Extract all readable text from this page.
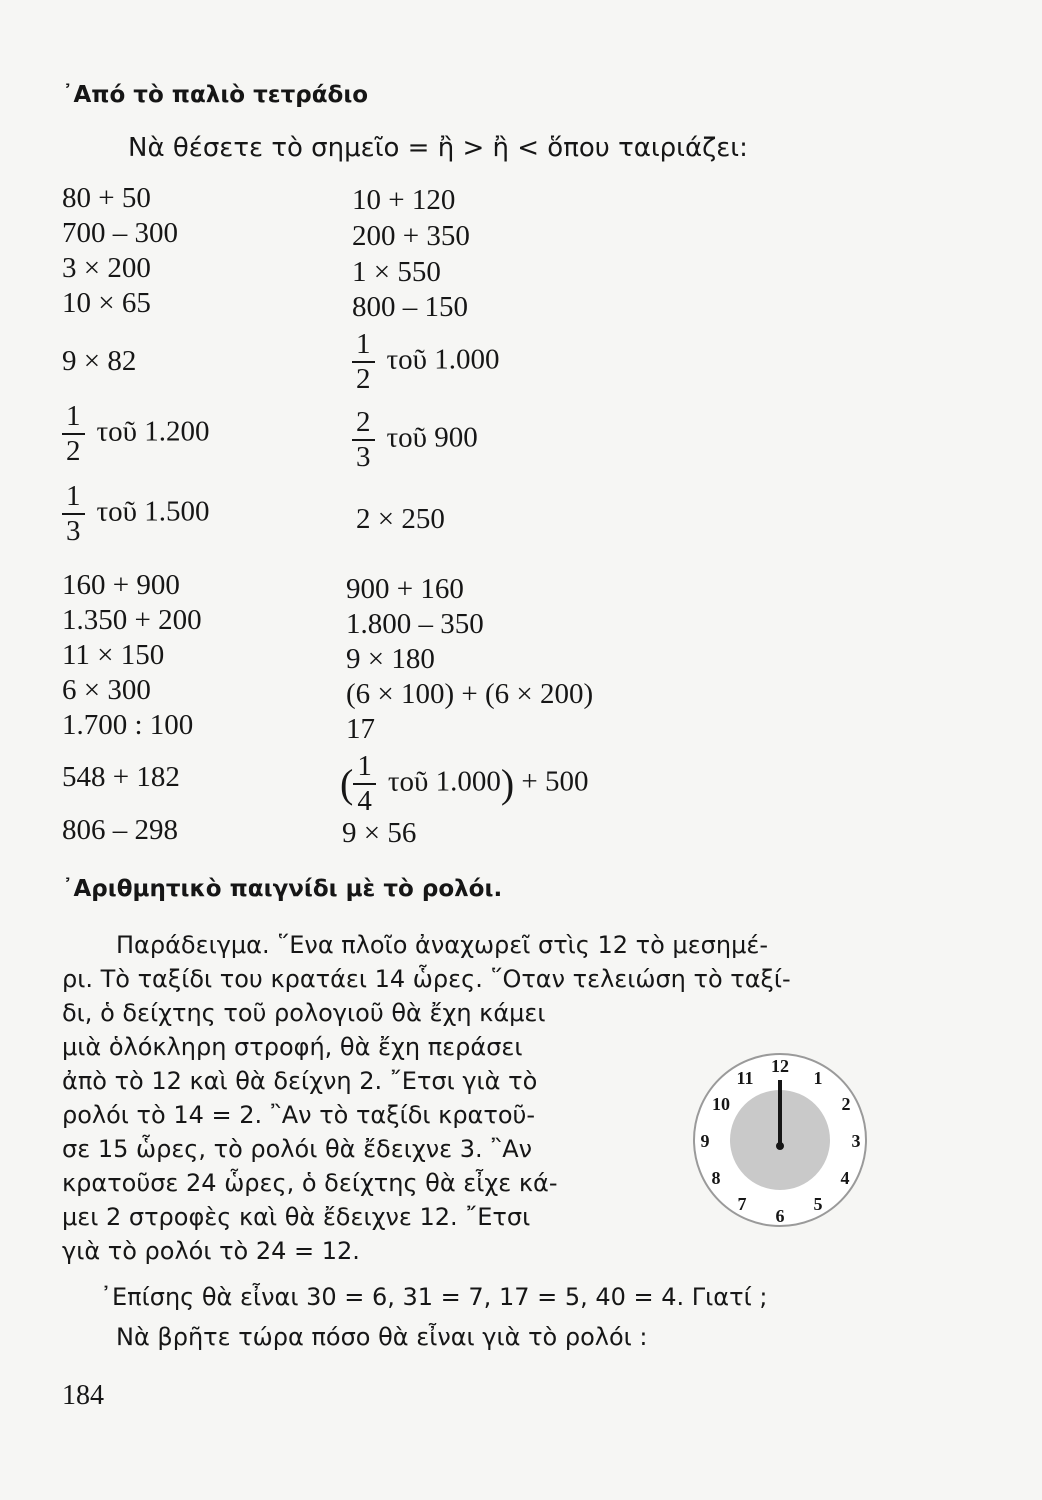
᾿Από τὸ παλιὸ τετράδιο
Νὰ θέσετε τὸ σημεῖο = ἢ > ἢ < ὅπου ταιριάζει:
80 + 50
700 – 300
3 × 200
10 × 65
9 × 82
$\frac{1}{2}$ τοῦ 1.200
$\frac{1}{3}$ τοῦ 1.500
160 + 900
1.350 + 200
11 × 150
6 × 300
1.700 : 100
548 + 182
806 – 298
10 + 120
200 + 350
1 × 550
800 – 150
$\frac{1}{2}$ τοῦ 1.000
$\frac{2}{3}$ τοῦ 900
2 × 250
900 + 160
1.800 – 350
9 × 180
(6 × 100) + (6 × 200)
17
( $\frac{1}{4}$ τοῦ 1.000) + 500
9 × 56
᾿Αριθμητικὸ παιγνίδι μὲ τὸ ρολόι.
Παράδειγμα. ῞Ενα πλοῖο ἀναχωρεῖ στὶς 12 τὸ μεσημέ-
ρι. Τὸ ταξίδι του κρατάει 14 ὧρες. ῞Οταν τελειώση τὸ ταξί-
δι, ὁ δείχτης τοῦ ρολογιοῦ θὰ ἔχη κάμει
μιὰ ὁλόκληρη στροφή, θὰ ἔχη περάσει
ἀπὸ τὸ 12 καὶ θὰ δείχνη 2. ῎Ετσι γιὰ τὸ
ρολόι τὸ 14 = 2. ῍Αν τὸ ταξίδι κρατοῦ-
σε 15 ὧρες, τὸ ρολόι θὰ ἔδειχνε 3. ῍Αν
κρατοῦσε 24 ὧρες, ὁ δείχτης θὰ εἶχε κά-
μει 2 στροφὲς καὶ θὰ ἔδειχνε 12. ῎Ετσι
γιὰ τὸ ρολόι τὸ 24 = 12.
᾿Επίσης θὰ εἶναι 30 = 6, 31 = 7, 17 = 5, 40 = 4. Γιατί ;
Νὰ βρῆτε τώρα πόσο θὰ εἶναι γιὰ τὸ ρολόι :
12
1
2
3
4
5
6
7
8
9
10
11
184
